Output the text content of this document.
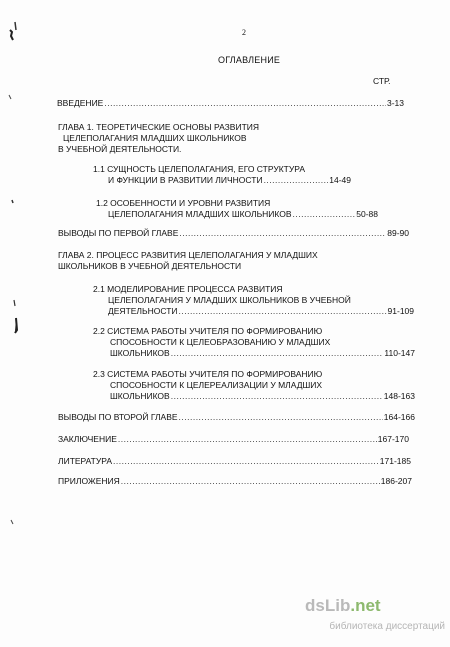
2
ОГЛАВЛЕНИЕ
СТР.
ВВЕДЕНИЕ .....	3-13
ГЛАВА 1. ТЕОРЕТИЧЕСКИЕ ОСНОВЫ РАЗВИТИЯ
ЦЕЛЕПОЛАГАНИЯ МЛАДШИХ ШКОЛЬНИКОВ
В УЧЕБНОЙ ДЕЯТЕЛЬНОСТИ.
1.1 СУЩНОСТЬ ЦЕЛЕПОЛАГАНИЯ, ЕГО СТРУКТУРА
И ФУНКЦИИ В РАЗВИТИИ ЛИЧНОСТИ .....	14-49
1.2 ОСОБЕННОСТИ И УРОВНИ РАЗВИТИЯ
ЦЕЛЕПОЛАГАНИЯ МЛАДШИХ ШКОЛЬНИКОВ .....	50-88
ВЫВОДЫ ПО ПЕРВОЙ ГЛАВЕ .....	89-90
ГЛАВА 2. ПРОЦЕСС РАЗВИТИЯ ЦЕЛЕПОЛАГАНИЯ У МЛАДШИХ
ШКОЛЬНИКОВ В УЧЕБНОЙ ДЕЯТЕЛЬНОСТИ
2.1 МОДЕЛИРОВАНИЕ ПРОЦЕССА РАЗВИТИЯ
ЦЕЛЕПОЛАГАНИЯ У МЛАДШИХ ШКОЛЬНИКОВ В УЧЕБНОЙ
ДЕЯТЕЛЬНОСТИ .....	91-109
2.2 СИСТЕМА РАБОТЫ УЧИТЕЛЯ ПО ФОРМИРОВАНИЮ
СПОСОБНОСТИ К ЦЕЛЕОБРАЗОВАНИЮ У МЛАДШИХ
ШКОЛЬНИКОВ .....	110-147
2.3 СИСТЕМА РАБОТЫ УЧИТЕЛЯ ПО ФОРМИРОВАНИЮ
СПОСОБНОСТИ К ЦЕЛЕРЕАЛИЗАЦИИ У МЛАДШИХ
ШКОЛЬНИКОВ .....	148-163
ВЫВОДЫ ПО ВТОРОЙ ГЛАВЕ .....	164-166
ЗАКЛЮЧЕНИЕ .....	167-170
ЛИТЕРАТУРА .....	171-185
ПРИЛОЖЕНИЯ .....	186-207
dsLib.net
библиотека диссертаций
